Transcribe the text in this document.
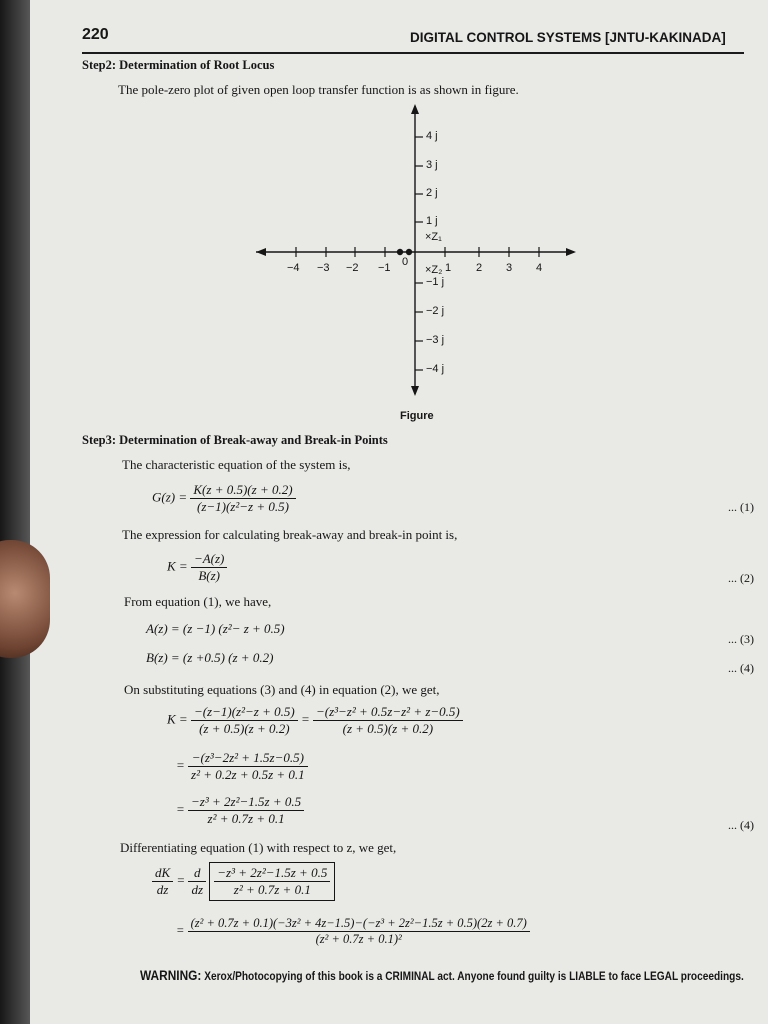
220	DIGITAL CONTROL SYSTEMS [JNTU-KAKINADA]
Step2: Determination of Root Locus
The pole-zero plot of given open loop transfer function is as shown in figure.
−4 −3 −2 −1 0	1 2 3 4
4 j
3 j
2 j
1 j
−1 j
−2 j
−3 j
−4 j
×Z₁
×Z₂
Figure
Step3: Determination of Break-away and Break-in Points
The characteristic equation of the system is,
$G(z) = \frac{K(z + 0.5)(z + 0.2)}{\text{(z−1)(z²−z + 0.5)}}$	... (1)
The expression for calculating break-away and break-in point is,
$K = \frac{-A(z)}{B(z)}$	... (2)
From equation (1), we have,
A(z) = (z −1) (z²− z + 0.5)
... (3)
B(z) = (z +0.5) (z + 0.2)
... (4)
On substituting equations (3) and (4) in equation (2), we get,
$K = \frac{\text{−(z−1)(z²−z + 0.5)}}{(z + 0.5)(z + 0.2)} = \frac{\text{−(z³−z² + 0.5z−z² + z−0.5)}}{(z + 0.5)(z + 0.2)}$
= $\frac{\text{−(z³−2z² + 1.5z−0.5)}}{\text{z² + 0.2z + 0.5z + 0.1}}$
= $\frac{\text{−z³ + 2z²−1.5z + 0.5}}{\text{z² + 0.7z + 0.1}}$	... (4)
Differentiating equation (1) with respect to z, we get,
$\frac{dK}{dz} = \frac{d}{dz}$
$\frac{\text{−z³ + 2z²−1.5z + 0.5}}{\text{z² + 0.7z + 0.1}}$
=
(z² + 0.7z + 0.1)(−3z² + 4z−1.5)−(−z³ + 2z²−1.5z + 0.5)(2z + 0.7)
(z² + 0.7z + 0.1)²
WARNING: Xerox/Photocopying of this book is a CRIMINAL act. Anyone found guilty is LIABLE to face LEGAL proceedings.
